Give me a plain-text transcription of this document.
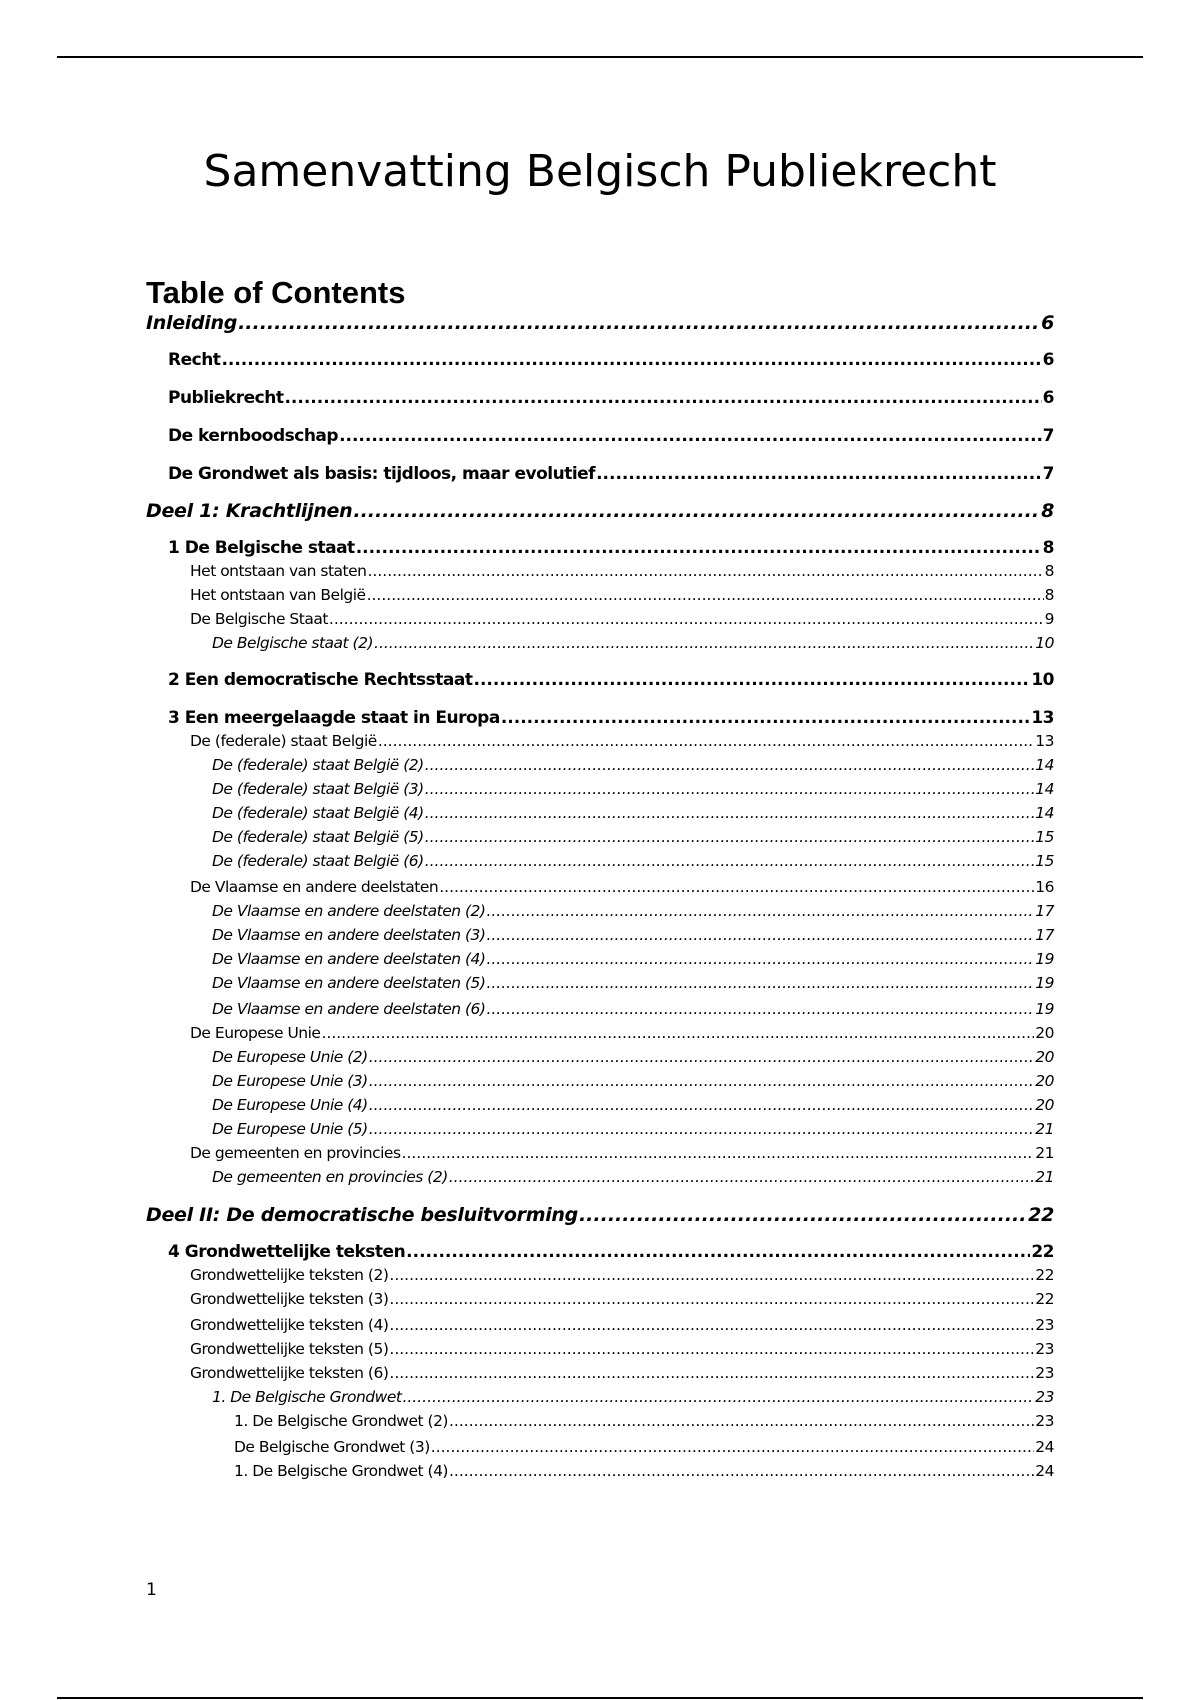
Samenvatting Belgisch Publiekrecht
Table of Contents
Inleiding .....	6
Recht .....	6
Publiekrecht .....	6
De kernboodschap .....	7
De Grondwet als basis: tijdloos, maar evolutief .....	7
Deel 1: Krachtlijnen .....	8
1 De Belgische staat .....	8
Het ontstaan van staten .....	8
Het ontstaan van België .....	8
De Belgische Staat .....	9
De Belgische staat (2) .....	10
2 Een democratische Rechtsstaat .....	10
3 Een meergelaagde staat in Europa .....	13
De (federale) staat België .....	13
De (federale) staat België (2) .....	14
De (federale) staat België (3) .....	14
De (federale) staat België (4) .....	14
De (federale) staat België (5) .....	15
De (federale) staat België (6) .....	15
De Vlaamse en andere deelstaten .....	16
De Vlaamse en andere deelstaten (2) .....	17
De Vlaamse en andere deelstaten (3) .....	17
De Vlaamse en andere deelstaten (4) .....	19
De Vlaamse en andere deelstaten (5) .....	19
De Vlaamse en andere deelstaten (6) .....	19
De Europese Unie .....	20
De Europese Unie (2) .....	20
De Europese Unie (3) .....	20
De Europese Unie (4) .....	20
De Europese Unie (5) .....	21
De gemeenten en provincies .....	21
De gemeenten en provincies (2) .....	21
Deel II: De democratische besluitvorming .....	22
4 Grondwettelijke teksten .....	22
Grondwettelijke teksten (2) .....	22
Grondwettelijke teksten (3) .....	22
Grondwettelijke teksten (4) .....	23
Grondwettelijke teksten (5) .....	23
Grondwettelijke teksten (6) .....	23
1. De Belgische Grondwet .....	23
1. De Belgische Grondwet (2) .....	23
De Belgische Grondwet (3) .....	24
1. De Belgische Grondwet (4) .....	24
1
